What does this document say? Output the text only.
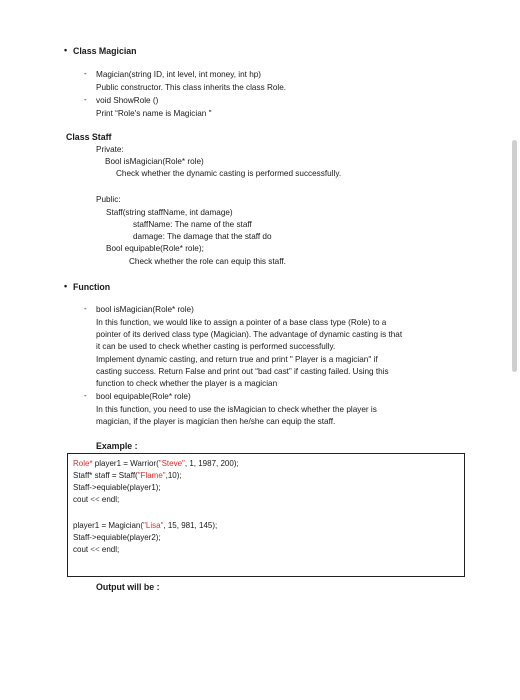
• Class Magician
- Magician(string ID, int level, int money, int hp)
Public constructor. This class inherits the class Role.
- void ShowRole ()
Print “Role's name is Magician "
Class Staff
Private:
Bool isMagician(Role* role)
Check whether the dynamic casting is performed successfully.
Public:
Staff(string staffName, int damage)
staffName: The name of the staff
damage: The damage that the staff do
Bool equipable(Role* role);
Check whether the role can equip this staff.
• Function
- bool isMagician(Role* role)
In this function, we would like to assign a pointer of a base class type (Role) to a
pointer of its derived class type (Magician). The advantage of dynamic casting is that
it can be used to check whether casting is performed successfully.
Implement dynamic casting, and return true and print " Player is a magician" if
casting success. Return False and print out “bad cast” if casting failed. Using this
function to check whether the player is a magician
- bool equipable(Role* role)
In this function, you need to use the isMagician to check whether the player is
magician, if the player is magician then he/she can equip the staff.
Example :
Role* player1 = Warrior("Steve", 1, 1987, 200);
Staff* staff = Staff("Flame",10);
Staff->equiable(player1);
cout << endl;
player1 = Magician("Lisa", 15, 981, 145);
Staff->equiable(player2);
cout << endl;
Output will be :
